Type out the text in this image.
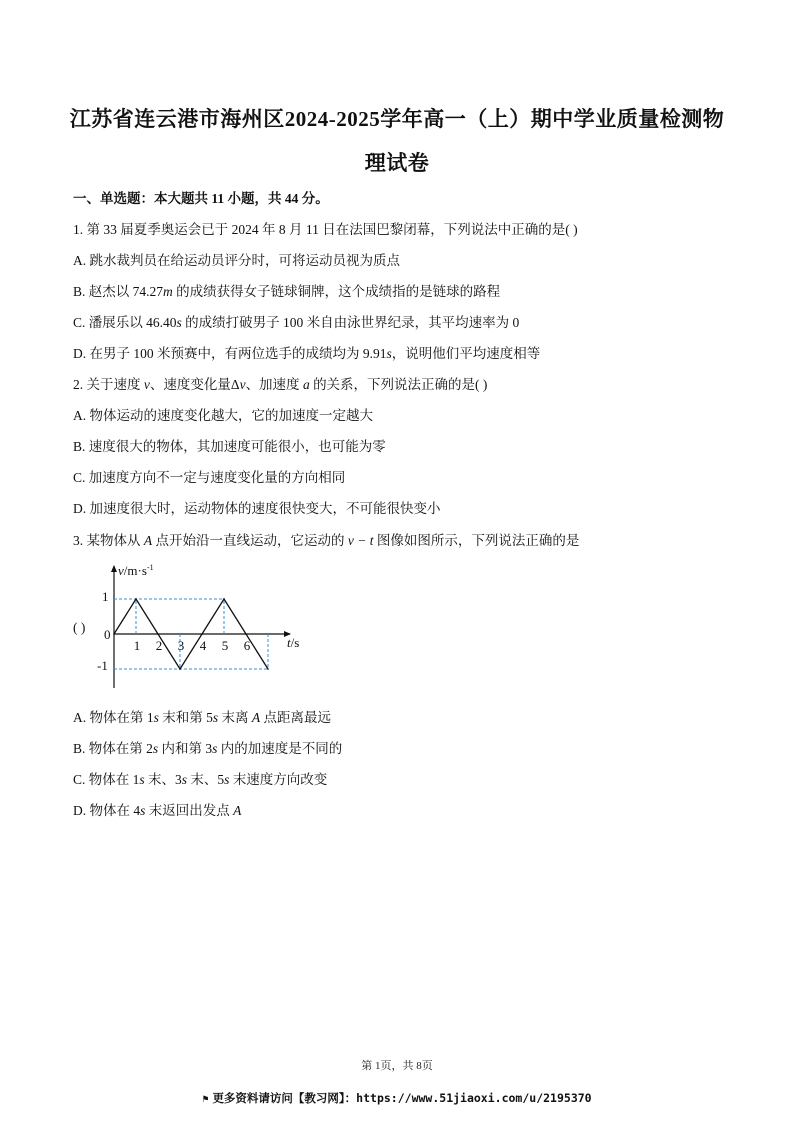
江苏省连云港市海州区2024-2025学年高一（上）期中学业质量检测物
理试卷
一、单选题：本大题共 11 小题，共 44 分。
1. 第 33 届夏季奥运会已于 2024 年 8 月 11 日在法国巴黎闭幕，下列说法中正确的是( )
A. 跳水裁判员在给运动员评分时，可将运动员视为质点
B. 赵杰以 74.27m 的成绩获得女子链球铜牌，这个成绩指的是链球的路程
C. 潘展乐以 46.40s 的成绩打破男子 100 米自由泳世界纪录，其平均速率为 0
D. 在男子 100 米预赛中，有两位选手的成绩均为 9.91s，说明他们平均速度相等
2. 关于速度 v、速度变化量Δv、加速度 a 的关系，下列说法正确的是( )
A. 物体运动的速度变化越大，它的加速度一定越大
B. 速度很大的物体，其加速度可能很小，也可能为零
C. 加速度方向不一定与速度变化量的方向相同
D. 加速度很大时，运动物体的速度很快变大，不可能很快变小
3. 某物体从 A 点开始沿一直线运动，它运动的 v − t 图像如图所示，下列说法正确的是
( )
$v/m\cdot s^{-1}$
t/s
0
1
-1
1 2 3 4 5 6
A. 物体在第 1s 末和第 5s 末离 A 点距离最远
B. 物体在第 2s 内和第 3s 内的加速度是不同的
C. 物体在 1s 末、3s 末、5s 末速度方向改变
D. 物体在 4s 末返回出发点 A
第 1页，共 8页
⚑ 更多资料请访问【教习网】：https://www.51jiaoxi.com/u/2195370
